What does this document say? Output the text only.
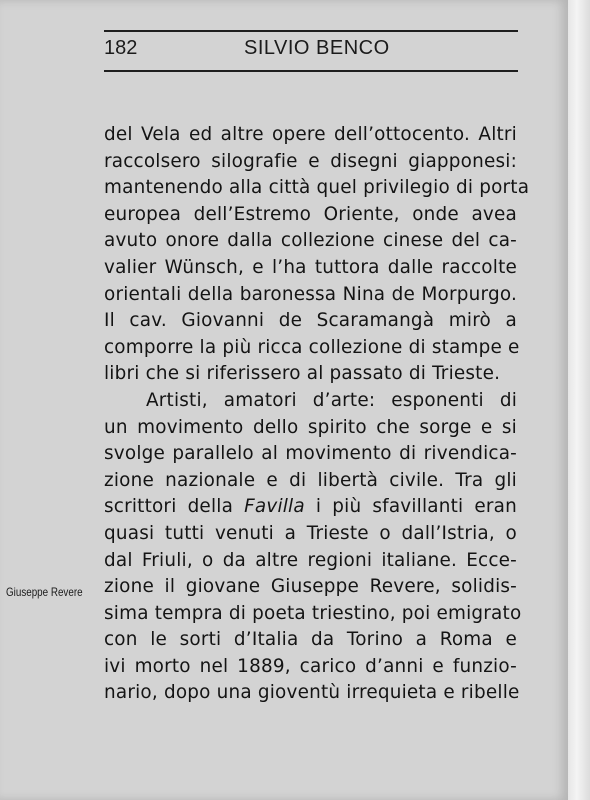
182	SILVIO BENCO
Giuseppe Revere
del Vela ed altre opere dell’ottocento. Altri
raccolsero silografie e disegni giapponesi:
mantenendo alla città quel privilegio di porta
europea dell’Estremo Oriente, onde avea
avuto onore dalla collezione cinese del ca-
valier Wünsch, e l’ha tuttora dalle raccolte
orientali della baronessa Nina de Morpurgo.
Il cav. Giovanni de Scaramangà mirò a
comporre la più ricca collezione di stampe e
libri che si riferissero al passato di Trieste.
Artisti, amatori d’arte: esponenti di
un movimento dello spirito che sorge e si
svolge parallelo al movimento di rivendica-
zione nazionale e di libertà civile. Tra gli
scrittori della Favilla i più sfavillanti eran
quasi tutti venuti a Trieste o dall’Istria, o
dal Friuli, o da altre regioni italiane. Ecce-
zione il giovane Giuseppe Revere, solidis-
sima tempra di poeta triestino, poi emigrato
con le sorti d’Italia da Torino a Roma e
ivi morto nel 1889, carico d’anni e funzio-
nario, dopo una gioventù irrequieta e ribelle
